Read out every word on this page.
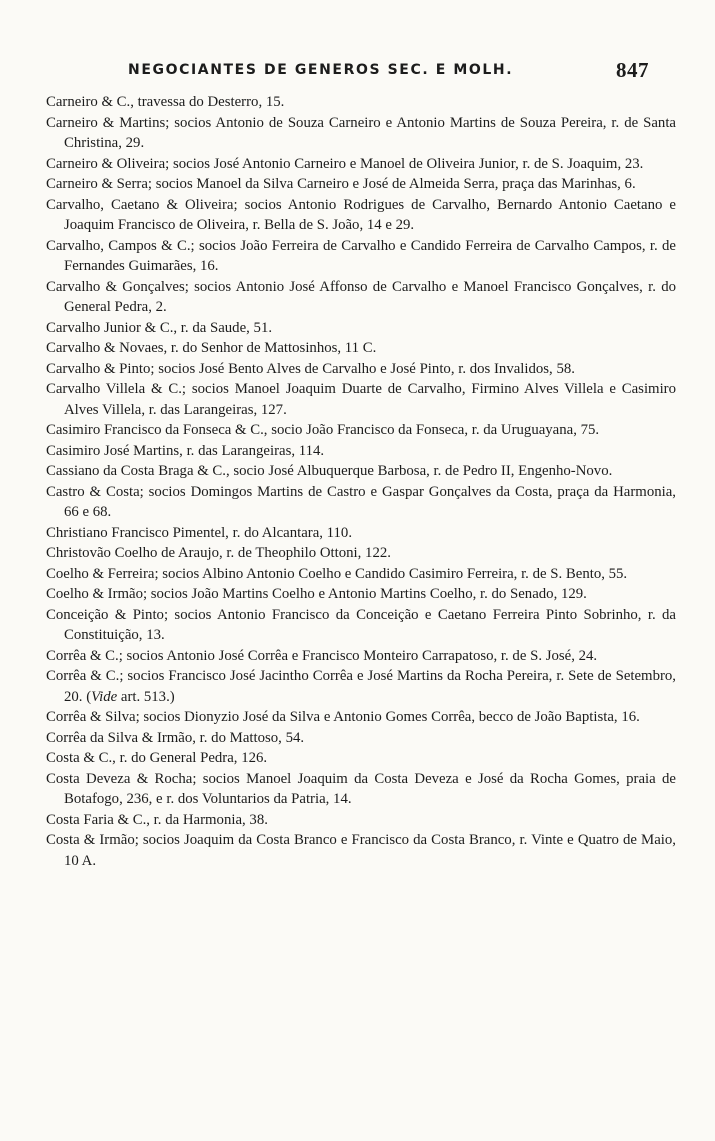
NEGOCIANTES DE GENEROS SEC. E MOLH.	847

Carneiro & C., travessa do Desterro, 15.

Carneiro & Martins; socios Antonio de Souza Carneiro e Antonio Martins de Souza Pereira, r. de Santa Christina, 29.

Carneiro & Oliveira; socios José Antonio Carneiro e Manoel de Oliveira Junior, r. de S. Joaquim, 23.

Carneiro & Serra; socios Manoel da Silva Carneiro e José de Almeida Serra, praça das Marinhas, 6.

Carvalho, Caetano & Oliveira; socios Antonio Rodrigues de Carvalho, Bernardo Antonio Caetano e Joaquim Francisco de Oliveira, r. Bella de S. João, 14 e 29.

Carvalho, Campos & C.; socios João Ferreira de Carvalho e Candido Ferreira de Carvalho Campos, r. de Fernandes Guimarães, 16.

Carvalho & Gonçalves; socios Antonio José Affonso de Carvalho e Manoel Francisco Gonçalves, r. do General Pedra, 2.

Carvalho Junior & C., r. da Saude, 51.

Carvalho & Novaes, r. do Senhor de Mattosinhos, 11 C.

Carvalho & Pinto; socios José Bento Alves de Carvalho e José Pinto, r. dos Invalidos, 58.

Carvalho Villela & C.; socios Manoel Joaquim Duarte de Carvalho, Firmino Alves Villela e Casimiro Alves Villela, r. das Larangeiras, 127.

Casimiro Francisco da Fonseca & C., socio João Francisco da Fonseca, r. da Uruguayana, 75.

Casimiro José Martins, r. das Larangeiras, 114.

Cassiano da Costa Braga & C., socio José Albuquerque Barbosa, r. de Pedro II, Engenho-Novo.

Castro & Costa; socios Domingos Martins de Castro e Gaspar Gonçalves da Costa, praça da Harmonia, 66 e 68.

Christiano Francisco Pimentel, r. do Alcantara, 110.

Christovão Coelho de Araujo, r. de Theophilo Ottoni, 122.

Coelho & Ferreira; socios Albino Antonio Coelho e Candido Casimiro Ferreira, r. de S. Bento, 55.

Coelho & Irmão; socios João Martins Coelho e Antonio Martins Coelho, r. do Senado, 129.

Conceição & Pinto; socios Antonio Francisco da Conceição e Caetano Ferreira Pinto Sobrinho, r. da Constituição, 13.

Corrêa & C.; socios Antonio José Corrêa e Francisco Monteiro Carrapatoso, r. de S. José, 24.

Corrêa & C.; socios Francisco José Jacintho Corrêa e José Martins da Rocha Pereira, r. Sete de Setembro, 20. (Vide art. 513.)

Corrêa & Silva; socios Dionyzio José da Silva e Antonio Gomes Corrêa, becco de João Baptista, 16.

Corrêa da Silva & Irmão, r. do Mattoso, 54.

Costa & C., r. do General Pedra, 126.

Costa Deveza & Rocha; socios Manoel Joaquim da Costa Deveza e José da Rocha Gomes, praia de Botafogo, 236, e r. dos Voluntarios da Patria, 14.

Costa Faria & C., r. da Harmonia, 38.

Costa & Irmão; socios Joaquim da Costa Branco e Francisco da Costa Branco, r. Vinte e Quatro de Maio, 10 A.
